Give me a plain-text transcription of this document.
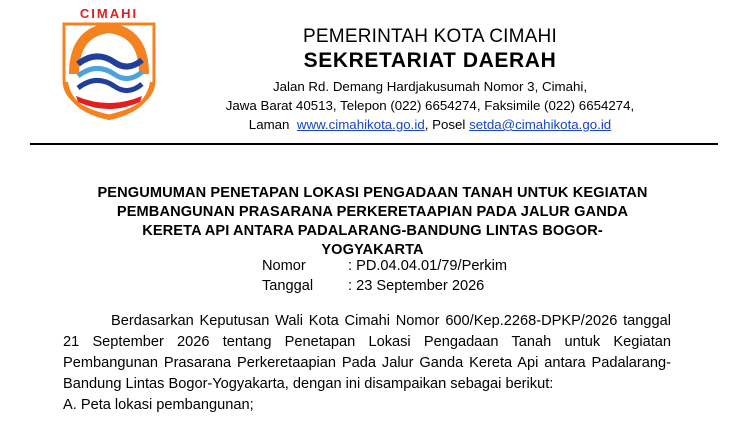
CIMAHI
PEMERINTAH KOTA CIMAHI
SEKRETARIAT DAERAH
Jalan Rd. Demang Hardjakusumah Nomor 3, Cimahi,
Jawa Barat 40513, Telepon (022) 6654274, Faksimile (022) 6654274,
Laman www.cimahikota.go.id, Posel setda@cimahikota.go.id
PENGUMUMAN PENETAPAN LOKASI PENGADAAN TANAH UNTUK KEGIATAN
PEMBANGUNAN PRASARANA PERKERETAAPIAN PADA JALUR GANDA
KERETA API ANTARA PADALARANG-BANDUNG LINTAS BOGOR-
YOGYAKARTA
Nomor	: PD.04.04.01/79/Perkim
Tanggal	: 23 September 2026
Berdasarkan Keputusan Wali Kota Cimahi Nomor 600/Kep.2268-DPKP/2026 tanggal 21 September 2026 tentang Penetapan Lokasi Pengadaan Tanah untuk Kegiatan Pembangunan Prasarana Perkeretaapian Pada Jalur Ganda Kereta Api antara Padalarang-Bandung Lintas Bogor-Yogyakarta, dengan ini disampaikan sebagai berikut:
A. Peta lokasi pembangunan;
